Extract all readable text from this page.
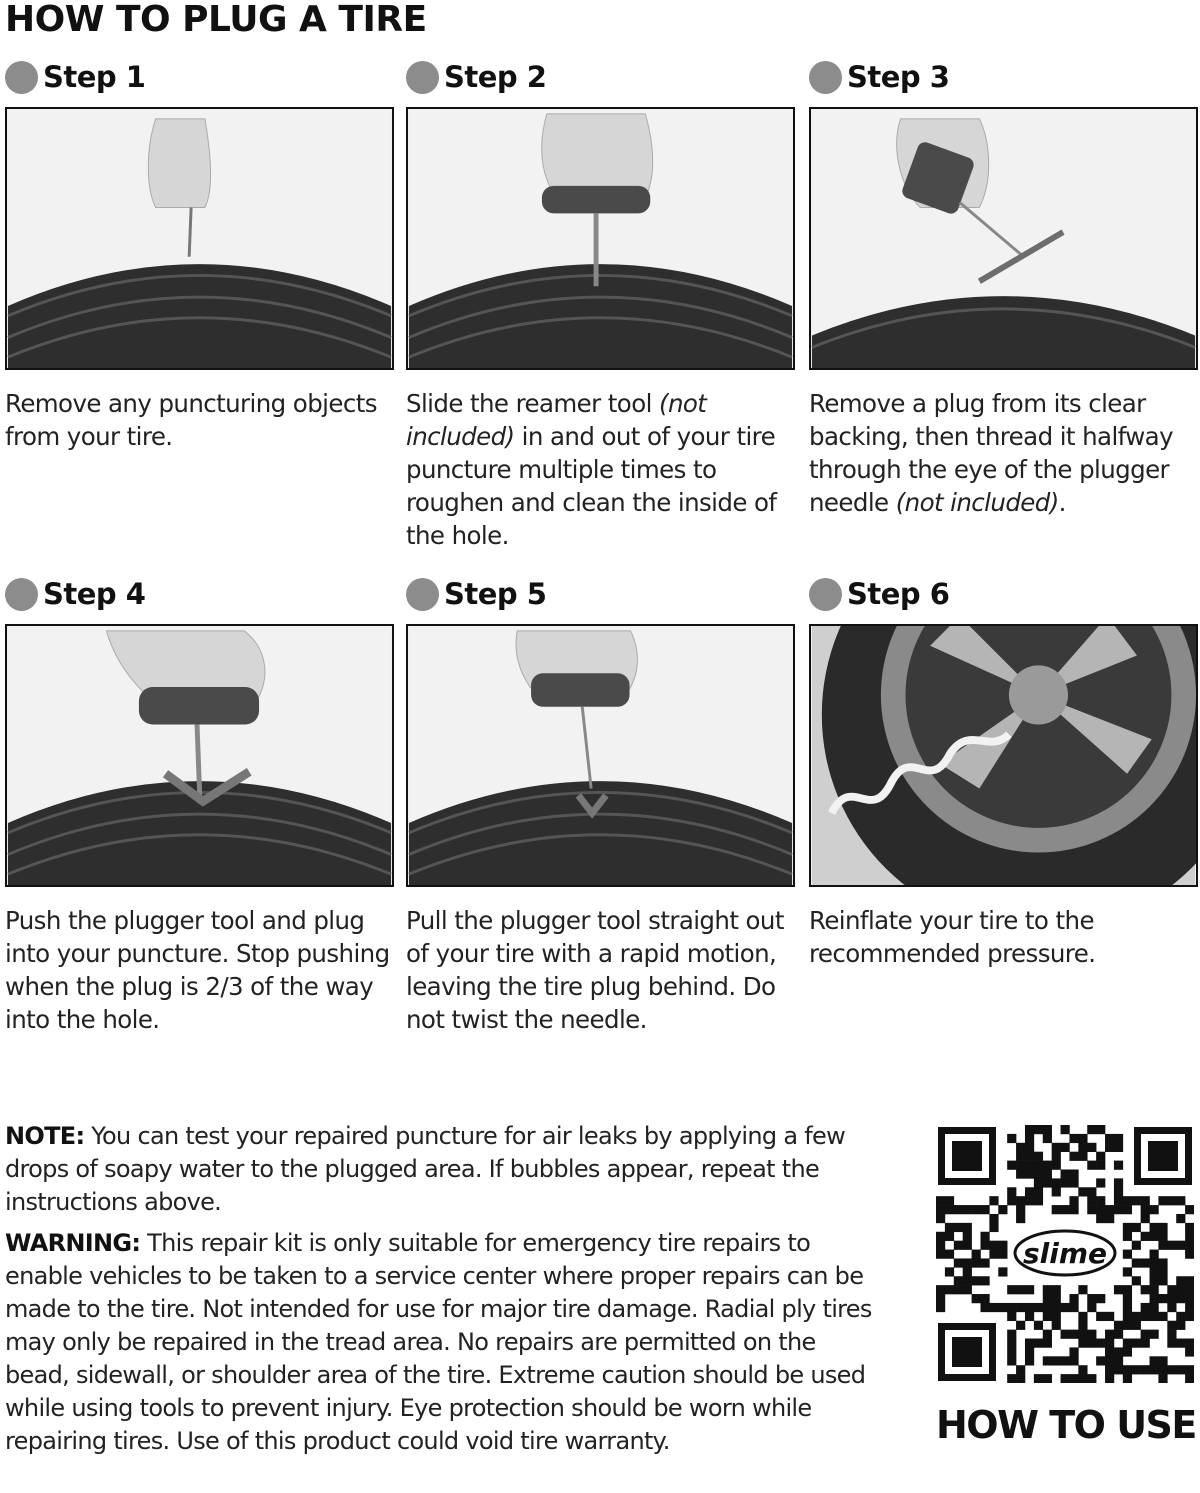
HOW TO PLUG A TIRE
Step 1
Remove any puncturing objects from your tire.
Step 2
Slide the reamer tool (not included) in and out of your tire puncture multiple times to roughen and clean the inside of the hole.
Step 3
Remove a plug from its clear backing, then thread it halfway through the eye of the plugger needle (not included).
Step 4
Push the plugger tool and plug into your puncture. Stop pushing when the plug is 2/3 of the way into the hole.
Step 5
Pull the plugger tool straight out of your tire with a rapid motion, leaving the tire plug behind. Do not twist the needle.
Step 6
Reinflate your tire to the recommended pressure.
NOTE: You can test your repaired puncture for air leaks by applying a few drops of soapy water to the plugged area. If bubbles appear, repeat the instructions above.
WARNING: This repair kit is only suitable for emergency tire repairs to enable vehicles to be taken to a service center where proper repairs can be made to the tire. Not intended for use for major tire damage. Radial ply tires may only be repaired in the tread area. No repairs are permitted on the bead, sidewall, or shoulder area of the tire. Extreme caution should be used while using tools to prevent injury. Eye protection should be worn while repairing tires. Use of this product could void tire warranty.
slime
HOW TO USE
